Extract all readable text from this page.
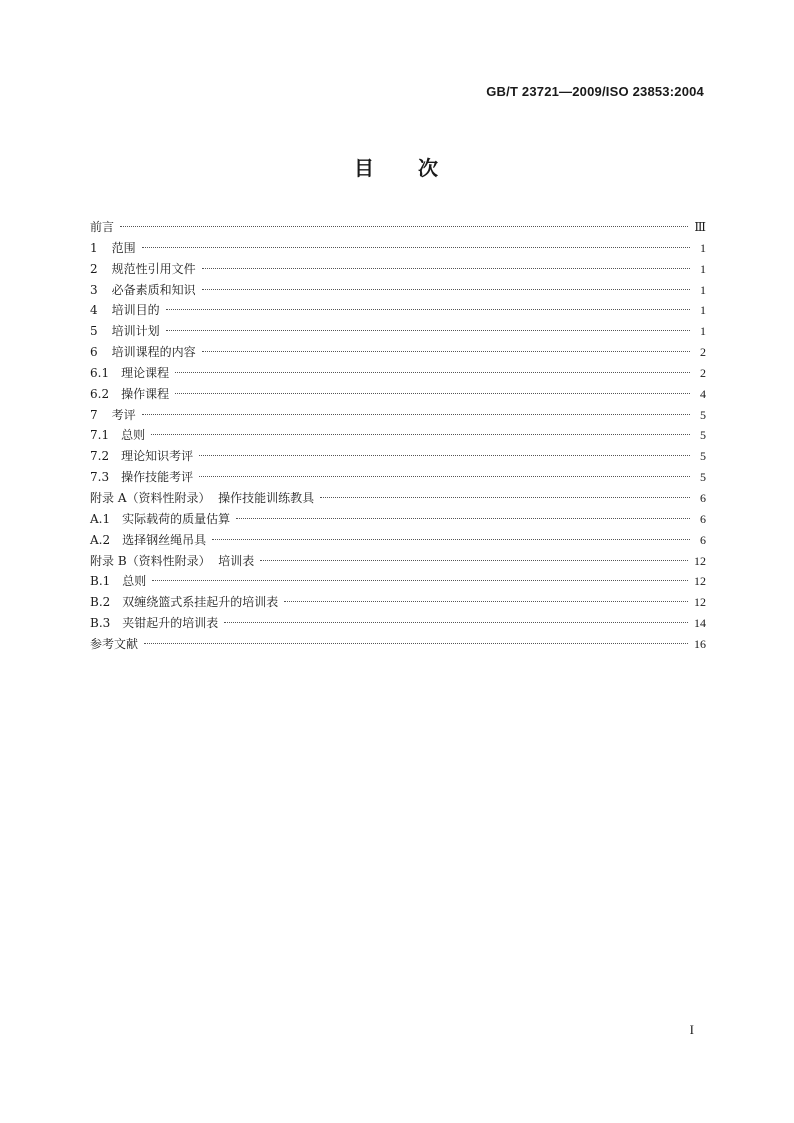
GB/T 23721—2009/ISO 23853:2004
目 次
前言	Ⅲ
1 范围	1
2 规范性引用文件	1
3 必备素质和知识	1
4 培训目的	1
5 培训计划	1
6 培训课程的内容	2
6.1 理论课程	2
6.2 操作课程	4
7 考评	5
7.1 总则	5
7.2 理论知识考评	5
7.3 操作技能考评	5
附录 A（资料性附录）  操作技能训练教具	6
A.1 实际载荷的质量估算	6
A.2 选择钢丝绳吊具	6
附录 B（资料性附录）  培训表	12
B.1 总则	12
B.2 双缠绕篮式系挂起升的培训表	12
B.3 夹钳起升的培训表	14
参考文献	16
I
